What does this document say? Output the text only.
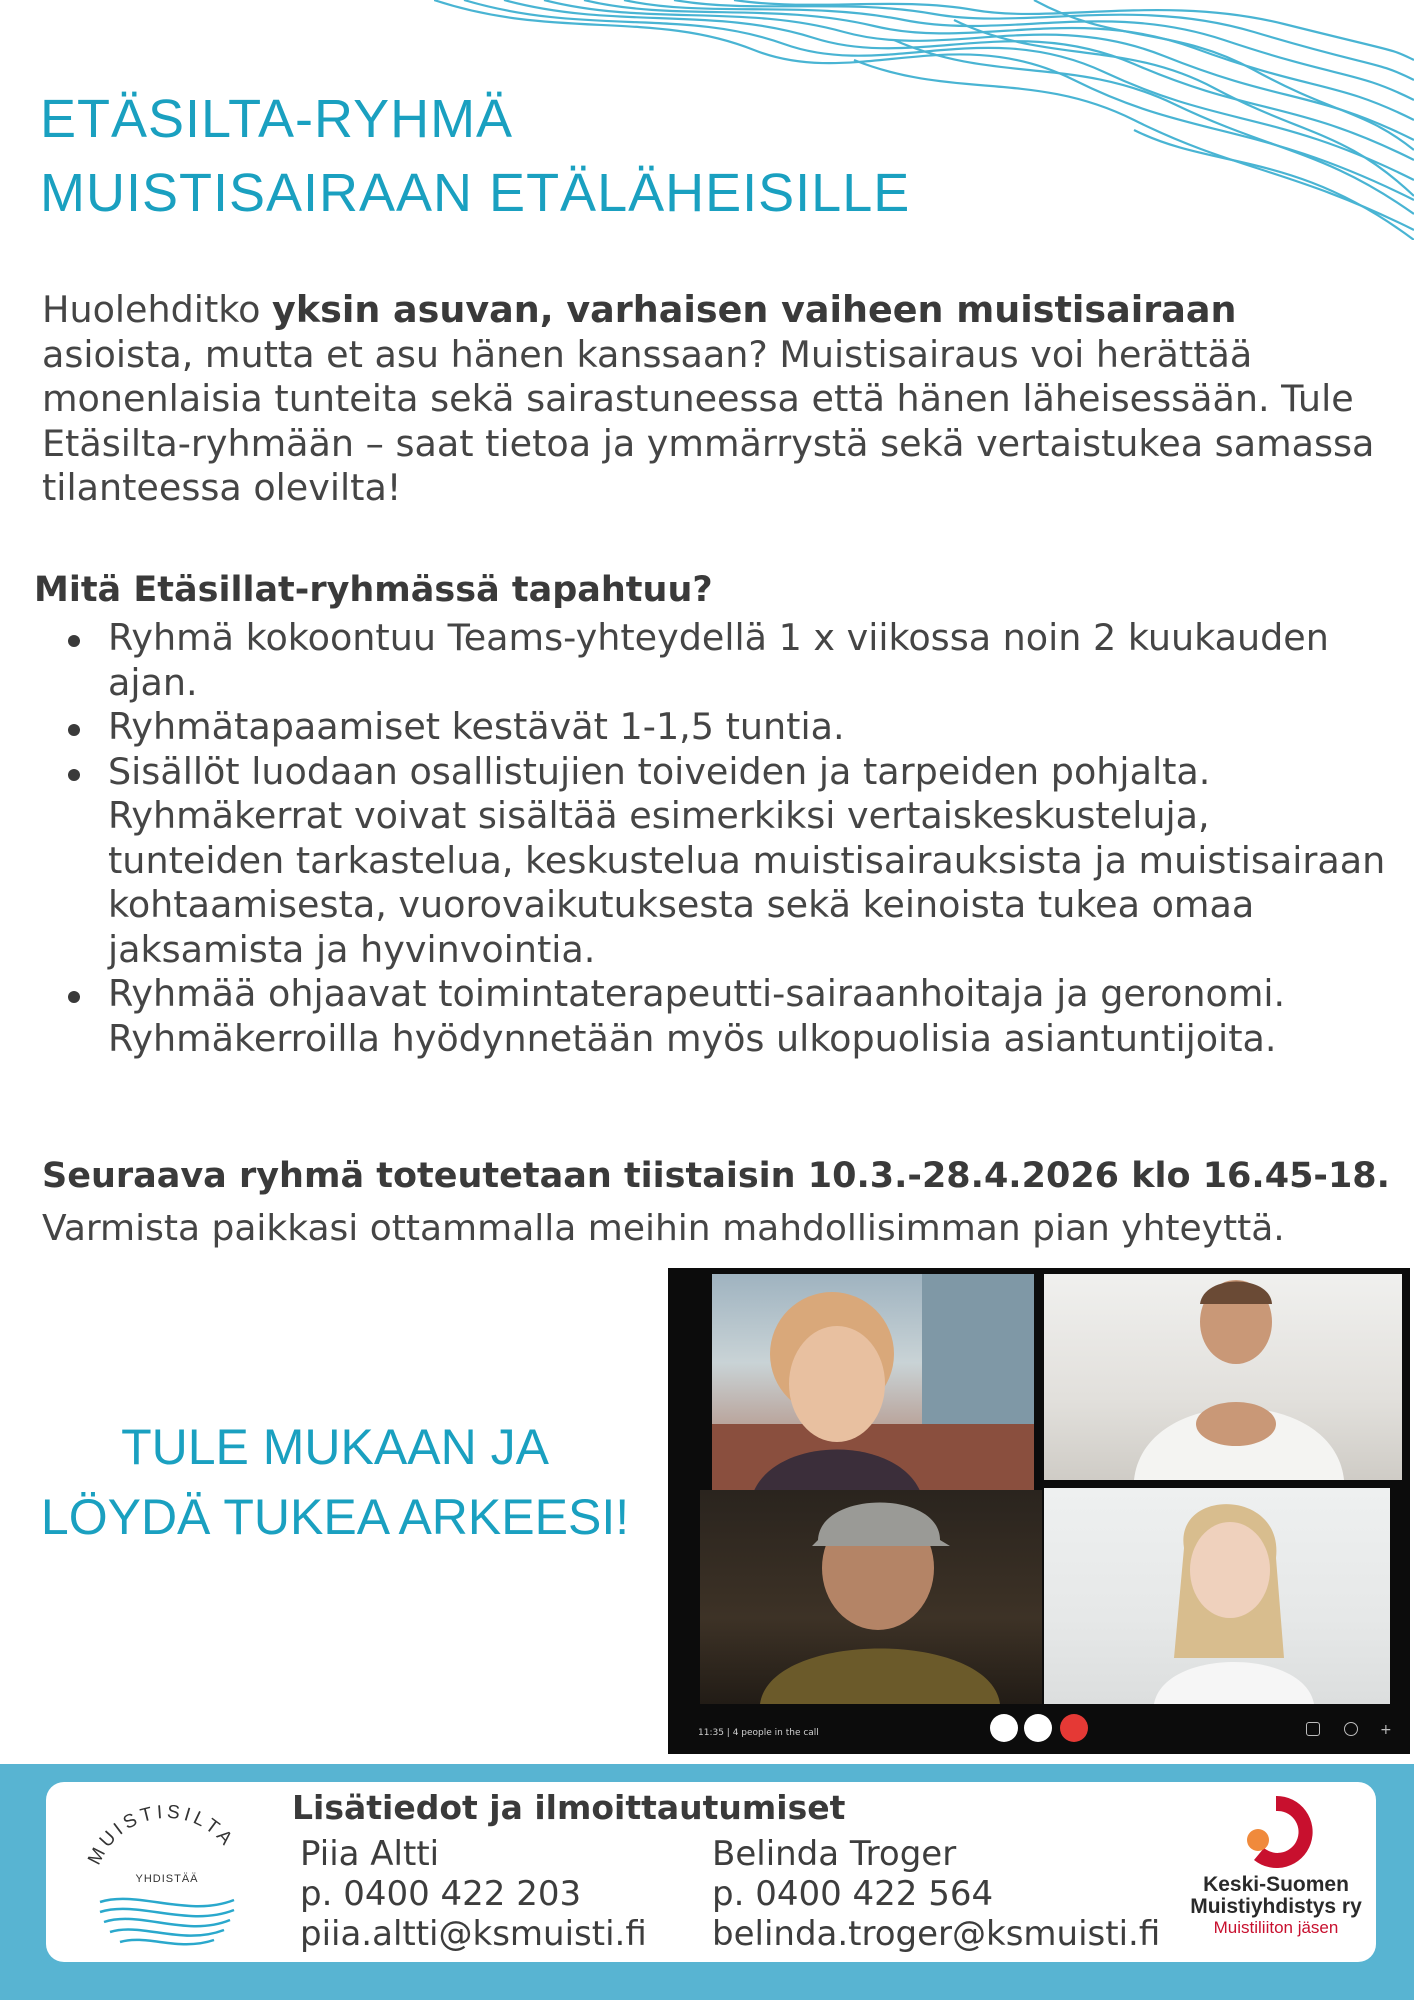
ETÄSILTA-RYHMÄ
MUISTISAIRAAN ETÄLÄHEISILLE

Huolehditko yksin asuvan, varhaisen vaiheen muistisairaan asioista, mutta et asu hänen kanssaan? Muistisairaus voi herättää monenlaisia tunteita sekä sairastuneessa että hänen läheisessään. Tule Etäsilta-ryhmään – saat tietoa ja ymmärrystä sekä vertaistukea samassa tilanteessa olevilta!

Mitä Etäsillat-ryhmässä tapahtuu?
Ryhmä kokoontuu Teams-yhteydellä 1 x viikossa noin 2 kuukauden ajan.
Ryhmätapaamiset kestävät 1-1,5 tuntia.
Sisällöt luodaan osallistujien toiveiden ja tarpeiden pohjalta. Ryhmäkerrat voivat sisältää esimerkiksi vertaiskeskusteluja, tunteiden tarkastelua, keskustelua muistisairauksista ja muistisairaan kohtaamisesta, vuorovaikutuksesta sekä keinoista tukea omaa jaksamista ja hyvinvointia.
Ryhmää ohjaavat toimintaterapeutti-sairaanhoitaja ja geronomi. Ryhmäkerroilla hyödynnetään myös ulkopuolisia asiantuntijoita.

Seuraava ryhmä toteutetaan tiistaisin 10.3.-28.4.2026 klo 16.45-18.

Varmista paikkasi ottammalla meihin mahdollisimman pian yhteyttä.

TULE MUKAAN JA
LÖYDÄ TUKEA ARKEESI!
11:35 | 4 people in the call	+
MUISTISILTA
YHDISTÄÄ
Lisätiedot ja ilmoittautumiset
Piia Altti
p. 0400 422 203
piia.altti@ksmuisti.fi
Belinda Troger
p. 0400 422 564
belinda.troger@ksmuisti.fi
Keski-Suomen
Muistiyhdistys ry
Muistiliiton jäsen
